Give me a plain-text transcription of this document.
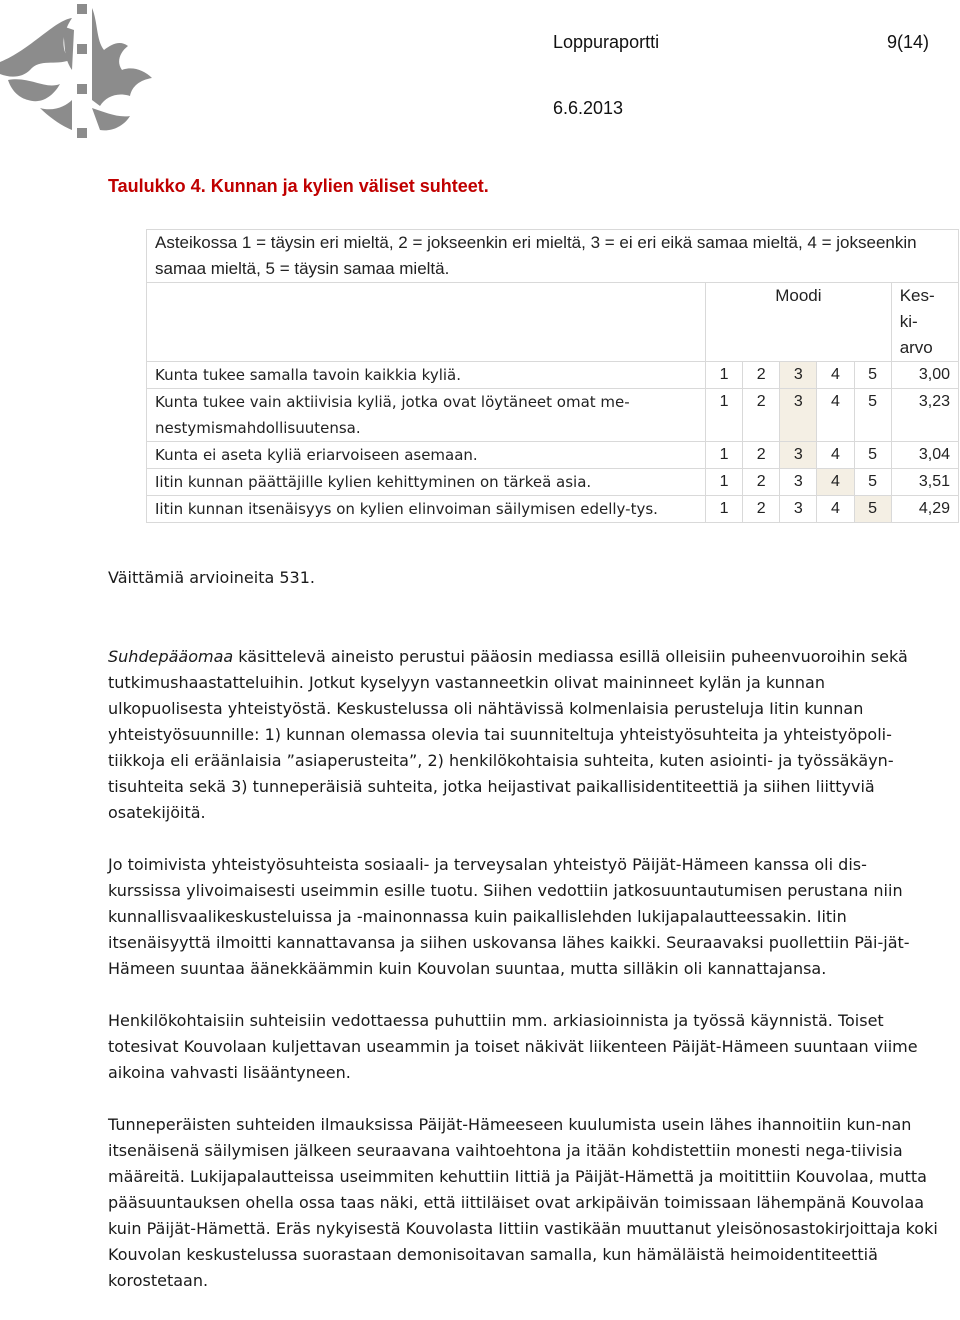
Loppuraportti	9(14)
6.6.2013
Taulukko 4. Kunnan ja kylien väliset suhteet.
Asteikossa 1 = täysin eri mieltä, 2 = jokseenkin eri mieltä, 3 = ei eri eikä samaa mieltä, 4 = jokseenkin samaa mieltä, 5 = täysin samaa mieltä.						
	Moodi					Kes-ki-arvo

Kunta tukee samalla tavoin kaikkia kyliä.	1	2	3	4	5	3,00
Kunta tukee vain aktiivisia kyliä, jotka ovat löytäneet omat me-nestymismahdollisuutensa.	1	2	3	4	5	3,23
Kunta ei aseta kyliä eriarvoiseen asemaan.	1	2	3	4	5	3,04
Iitin kunnan päättäjille kylien kehittyminen on tärkeä asia.	1	2	3	4	5	3,51
Iitin kunnan itsenäisyys on kylien elinvoiman säilymisen edelly-tys.	1	2	3	4	5	4,29
Väittämiä arvioineita 531.

Suhdepääomaa käsittelevä aineisto perustui pääosin mediassa esillä olleisiin puheenvuoroihin sekä tutkimushaastatteluihin. Jotkut kyselyyn vastanneetkin olivat maininneet kylän ja kunnan ulkopuolisesta yhteistyöstä. Keskustelussa oli nähtävissä kolmenlaisia perusteluja Iitin kunnan yhteistyösuunnille: 1) kunnan olemassa olevia tai suunniteltuja yhteistyösuhteita ja yhteistyöpoli-tiikkoja eli eräänlaisia ”asiaperusteita”, 2) henkilökohtaisia suhteita, kuten asiointi- ja työssäkäyn-tisuhteita sekä 3) tunneperäisiä suhteita, jotka heijastivat paikallisidentiteettiä ja siihen liittyviä osatekijöitä.

Jo toimivista yhteistyösuhteista sosiaali- ja terveysalan yhteistyö Päijät-Hämeen kanssa oli dis-kurssissa ylivoimaisesti useimmin esille tuotu. Siihen vedottiin jatkosuuntautumisen perustana niin kunnallisvaalikeskusteluissa ja -mainonnassa kuin paikallislehden lukijapalautteessakin. Iitin itsenäisyyttä ilmoitti kannattavansa ja siihen uskovansa lähes kaikki. Seuraavaksi puollettiin Päi-jät-Hämeen suuntaa äänekkäämmin kuin Kouvolan suuntaa, mutta silläkin oli kannattajansa.

Henkilökohtaisiin suhteisiin vedottaessa puhuttiin mm. arkiasioinnista ja työssä käynnistä. Toiset totesivat Kouvolaan kuljettavan useammin ja toiset näkivät liikenteen Päijät-Hämeen suuntaan viime aikoina vahvasti lisääntyneen.

Tunneperäisten suhteiden ilmauksissa Päijät-Hämeeseen kuulumista usein lähes ihannoitiin kun-nan itsenäisenä säilymisen jälkeen seuraavana vaihtoehtona ja itään kohdistettiin monesti nega-tiivisia määreitä. Lukijapalautteissa useimmiten kehuttiin Iittiä ja Päijät-Hämettä ja moitittiin Kouvolaa, mutta pääsuuntauksen ohella ossa taas näki, että iittiläiset ovat arkipäivän toimissaan lähempänä Kouvolaa kuin Päijät-Hämettä. Eräs nykyisestä Kouvolasta Iittiin vastikään muuttanut yleisönosastokirjoittaja koki Kouvolan keskustelussa suorastaan demonisoitavan samalla, kun hämäläistä heimoidentiteettiä korostetaan.
